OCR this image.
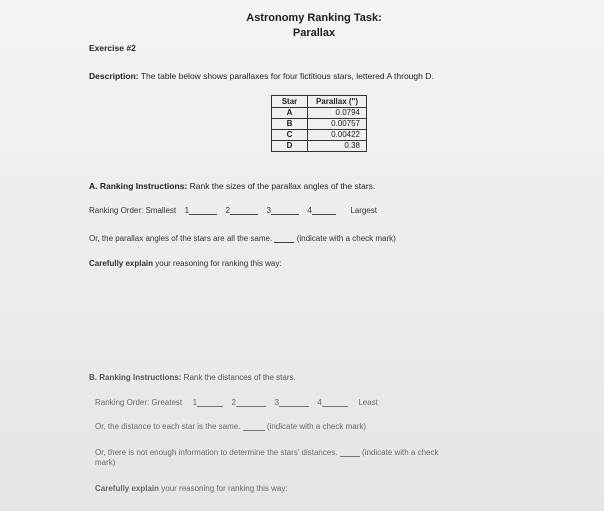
Astronomy Ranking Task:
Parallax
Exercise #2
Description: The table below shows parallaxes for four fictitious stars, lettered A through D.
Star	Parallax (")
A	0.0794
B	0.00757
C	0.00422
D	0.38
A. Ranking Instructions: Rank the sizes of the parallax angles of the stars.
Ranking Order: Smallest 1	2	3	4	Largest
Or, the parallax angles of the stars are all the same.	(indicate with a check mark)
Carefully explain your reasoning for ranking this way:
B. Ranking Instructions: Rank the distances of the stars.
Ranking Order: Greatest 1	2	3	4	Least
Or, the distance to each star is the same.	(indicate with a check mark)
Or, there is not enough information to determine the stars' distances.	(indicate with a check
mark)
Carefully explain your reasoning for ranking this way:
